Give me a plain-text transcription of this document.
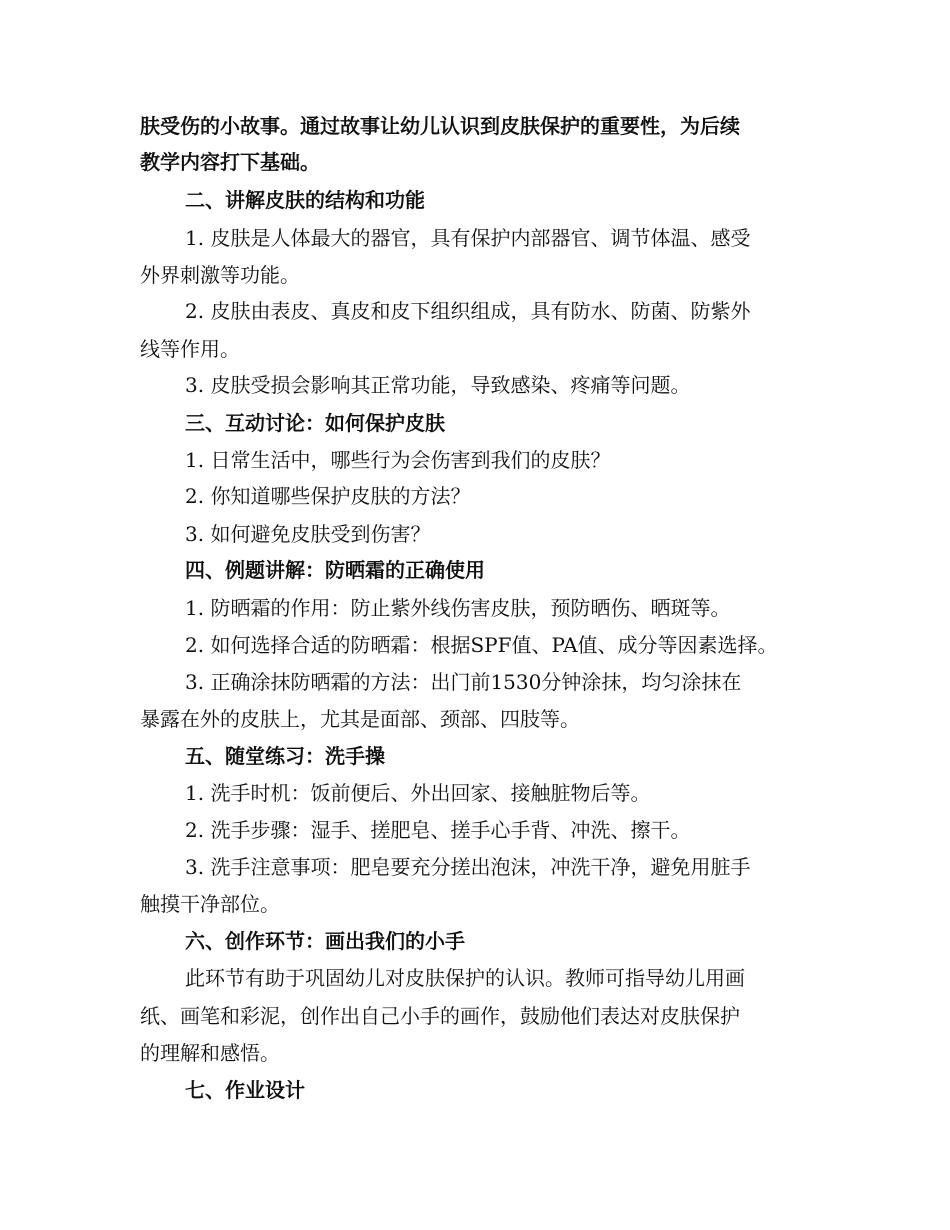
肤受伤的小故事。通过故事让幼儿认识到皮肤保护的重要性，为后续
教学内容打下基础。
二、讲解皮肤的结构和功能
1. 皮肤是人体最大的器官，具有保护内部器官、调节体温、感受
外界刺激等功能。
2. 皮肤由表皮、真皮和皮下组织组成，具有防水、防菌、防紫外
线等作用。
3. 皮肤受损会影响其正常功能，导致感染、疼痛等问题。
三、互动讨论：如何保护皮肤
1. 日常生活中，哪些行为会伤害到我们的皮肤？
2. 你知道哪些保护皮肤的方法？
3. 如何避免皮肤受到伤害？
四、例题讲解：防晒霜的正确使用
1. 防晒霜的作用：防止紫外线伤害皮肤，预防晒伤、晒斑等。
2. 如何选择合适的防晒霜：根据SPF值、PA值、成分等因素选择。
3. 正确涂抹防晒霜的方法：出门前1530分钟涂抹，均匀涂抹在
暴露在外的皮肤上，尤其是面部、颈部、四肢等。
五、随堂练习：洗手操
1. 洗手时机：饭前便后、外出回家、接触脏物后等。
2. 洗手步骤：湿手、搓肥皂、搓手心手背、冲洗、擦干。
3. 洗手注意事项：肥皂要充分搓出泡沫，冲洗干净，避免用脏手
触摸干净部位。
六、创作环节：画出我们的小手
此环节有助于巩固幼儿对皮肤保护的认识。教师可指导幼儿用画
纸、画笔和彩泥，创作出自己小手的画作，鼓励他们表达对皮肤保护
的理解和感悟。
七、作业设计
